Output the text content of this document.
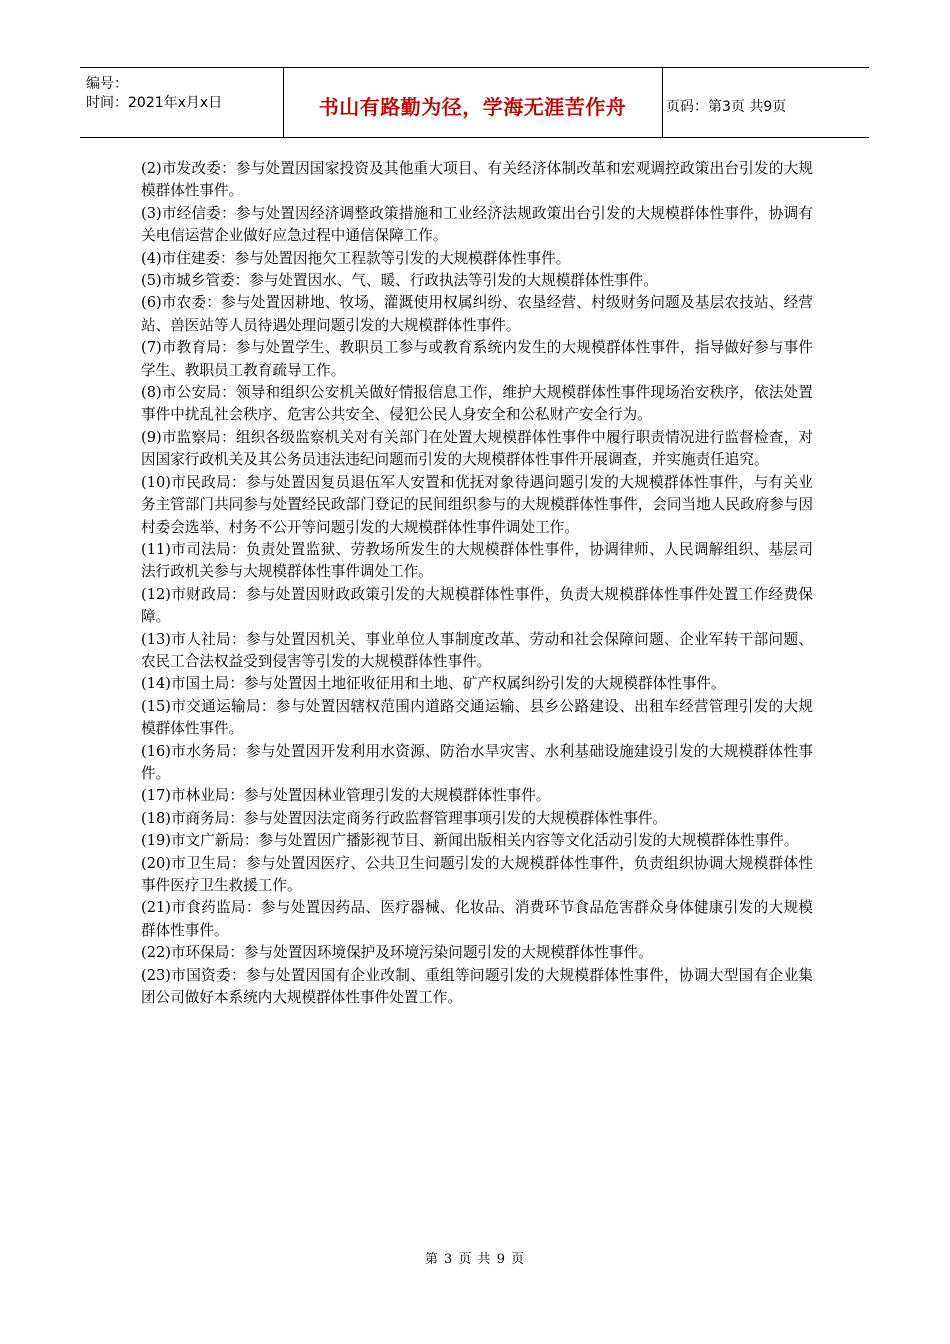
编号：
时间：2021年x月x日	书山有路勤为径，学海无涯苦作舟	页码：第3页 共9页

(2)市发改委：参与处置因国家投资及其他重大项目、有关经济体制改革和宏观调控政策出台引发的大规模群体性事件。

(3)市经信委：参与处置因经济调整政策措施和工业经济法规政策出台引发的大规模群体性事件，协调有关电信运营企业做好应急过程中通信保障工作。

(4)市住建委：参与处置因拖欠工程款等引发的大规模群体性事件。

(5)市城乡管委：参与处置因水、气、暖、行政执法等引发的大规模群体性事件。

(6)市农委：参与处置因耕地、牧场、灌溉使用权属纠纷、农垦经营、村级财务问题及基层农技站、经营站、兽医站等人员待遇处理问题引发的大规模群体性事件。

(7)市教育局：参与处置学生、教职员工参与或教育系统内发生的大规模群体性事件，指导做好参与事件学生、教职员工教育疏导工作。

(8)市公安局：领导和组织公安机关做好情报信息工作，维护大规模群体性事件现场治安秩序，依法处置事件中扰乱社会秩序、危害公共安全、侵犯公民人身安全和公私财产安全行为。

(9)市监察局：组织各级监察机关对有关部门在处置大规模群体性事件中履行职责情况进行监督检查，对因国家行政机关及其公务员违法违纪问题而引发的大规模群体性事件开展调查，并实施责任追究。

(10)市民政局：参与处置因复员退伍军人安置和优抚对象待遇问题引发的大规模群体性事件，与有关业务主管部门共同参与处置经民政部门登记的民间组织参与的大规模群体性事件，会同当地人民政府参与因村委会选举、村务不公开等问题引发的大规模群体性事件调处工作。

(11)市司法局：负责处置监狱、劳教场所发生的大规模群体性事件，协调律师、人民调解组织、基层司法行政机关参与大规模群体性事件调处工作。

(12)市财政局：参与处置因财政政策引发的大规模群体性事件，负责大规模群体性事件处置工作经费保障。

(13)市人社局：参与处置因机关、事业单位人事制度改革、劳动和社会保障问题、企业军转干部问题、农民工合法权益受到侵害等引发的大规模群体性事件。

(14)市国土局：参与处置因土地征收征用和土地、矿产权属纠纷引发的大规模群体性事件。

(15)市交通运输局：参与处置因辖权范围内道路交通运输、县乡公路建设、出租车经营管理引发的大规模群体性事件。

(16)市水务局：参与处置因开发利用水资源、防治水旱灾害、水利基础设施建设引发的大规模群体性事件。

(17)市林业局：参与处置因林业管理引发的大规模群体性事件。

(18)市商务局：参与处置因法定商务行政监督管理事项引发的大规模群体性事件。

(19)市文广新局：参与处置因广播影视节目、新闻出版相关内容等文化活动引发的大规模群体性事件。

(20)市卫生局：参与处置因医疗、公共卫生问题引发的大规模群体性事件，负责组织协调大规模群体性事件医疗卫生救援工作。

(21)市食药监局：参与处置因药品、医疗器械、化妆品、消费环节食品危害群众身体健康引发的大规模群体性事件。

(22)市环保局：参与处置因环境保护及环境污染问题引发的大规模群体性事件。

(23)市国资委：参与处置因国有企业改制、重组等问题引发的大规模群体性事件，协调大型国有企业集团公司做好本系统内大规模群体性事件处置工作。

第 3 页 共 9 页
